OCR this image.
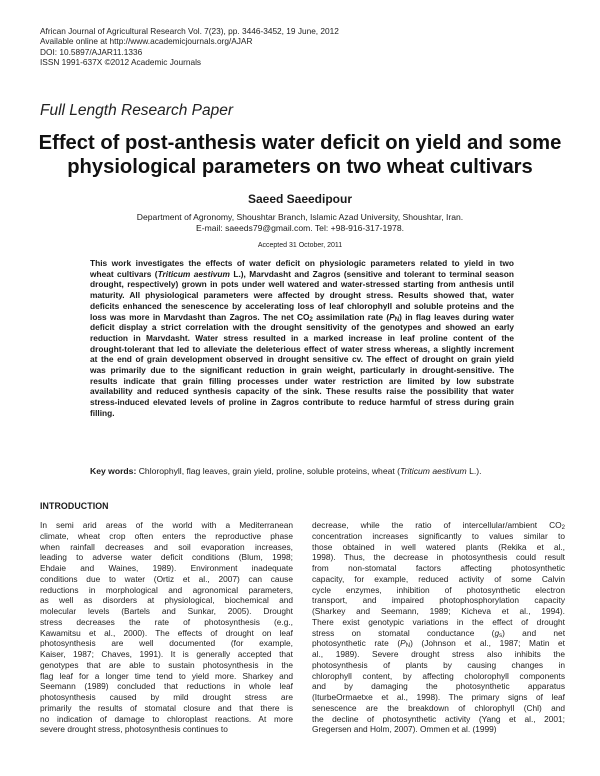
African Journal of Agricultural Research Vol. 7(23), pp. 3446-3452, 19 June, 2012
Available online at http://www.academicjournals.org/AJAR
DOI: 10.5897/AJAR11.1336
ISSN 1991-637X ©2012 Academic Journals
Full Length Research Paper
Effect of post-anthesis water deficit on yield and some
physiological parameters on two wheat cultivars
Saeed Saeedipour
Department of Agronomy, Shoushtar Branch, Islamic Azad University, Shoushtar, Iran.
E-mail: saeeds79@gmail.com. Tel: +98-916-317-1978.
Accepted 31 October, 2011
This work investigates the effects of water deficit on physiologic parameters related to yield in two
wheat cultivars (Triticum aestivum L.), Marvdasht and Zagros (sensitive and tolerant to terminal season
drought, respectively) grown in pots under well watered and water-stressed starting from anthesis until
maturity. All physiological parameters were affected by drought stress. Results showed that, water
deficits enhanced the senescence by accelerating loss of leaf chlorophyll and soluble proteins and the
loss was more in Marvdasht than Zagros. The net $CO_2$ assimilation rate $(P_N)$ in flag leaves during water
deficit display a strict correlation with the drought sensitivity of the genotypes and showed an early
reduction in Marvdasht. Water stress resulted in a marked increase in leaf proline content of the
drought-tolerant that led to alleviate the deleterious effect of water stress whereas, a slightly increment
at the end of grain development observed in drought sensitive cv. The effect of drought on grain yield
was primarily due to the significant reduction in grain weight, particularly in drought-sensitive. The
results indicate that grain filling processes under water restriction are limited by low substrate
availability and reduced synthesis capacity of the sink. These results raise the possibility that water
stress-induced elevated levels of proline in Zagros contribute to reduce harmful of stress during grain
filling.
Key words: Chlorophyll, flag leaves, grain yield, proline, soluble proteins, wheat (Triticum aestivum L.).
INTRODUCTION
In semi arid areas of the world with a Mediterranean
climate, wheat crop often enters the reproductive phase
when rainfall decreases and soil evaporation increases,
leading to adverse water deficit conditions (Blum, 1998;
Ehdaie and Waines, 1989). Environment inadequate
conditions due to water (Ortiz et al., 2007) can cause
reductions in morphological and agronomical parameters,
as well as disorders at physiological, biochemical and
molecular levels (Bartels and Sunkar, 2005). Drought
stress decreases the rate of photosynthesis (e.g.,
Kawamitsu et al., 2000). The effects of drought on leaf
photosynthesis are well documented (for example,
Kaiser, 1987; Chaves, 1991). It is generally accepted that
genotypes that are able to sustain photosynthesis in the
flag leaf for a longer time tend to yield more. Sharkey and
Seemann (1989) concluded that reductions in whole leaf
photosynthesis caused by mild drought stress are
primarily the results of stomatal closure and that there is
no indication of damage to chloroplast reactions. At more
severe drought stress, photosynthesis continues to
decrease, while the ratio of intercellular/ambient $CO_2$
concentration increases significantly to values similar to
those obtained in well watered plants (Rekika et al.,
1998). Thus, the decrease in photosynthesis could result
from non-stomatal factors affecting photosynthetic
capacity, for example, reduced activity of some Calvin
cycle enzymes, inhibition of photosynthetic electron
transport, and impaired photophosphorylation capacity
(Sharkey and Seemann, 1989; Kicheva et al., 1994).
There exist genotypic variations in the effect of drought
stress on stomatal conductance $(g_s)$ and net
photosynthetic rate $(P_N)$ (Johnson et al., 1987; Matin et
al., 1989). Severe drought stress also inhibits the
photosynthesis of plants by causing changes in
chlorophyll content, by affecting cholorophyll components
and by damaging the photosynthetic apparatus
(IturbeOrmaetxe et al., 1998). The primary signs of leaf
senescence are the breakdown of chlorophyll (Chl) and
the decline of photosynthetic activity (Yang et al., 2001;
Gregersen and Holm, 2007). Ommen et al. (1999)
